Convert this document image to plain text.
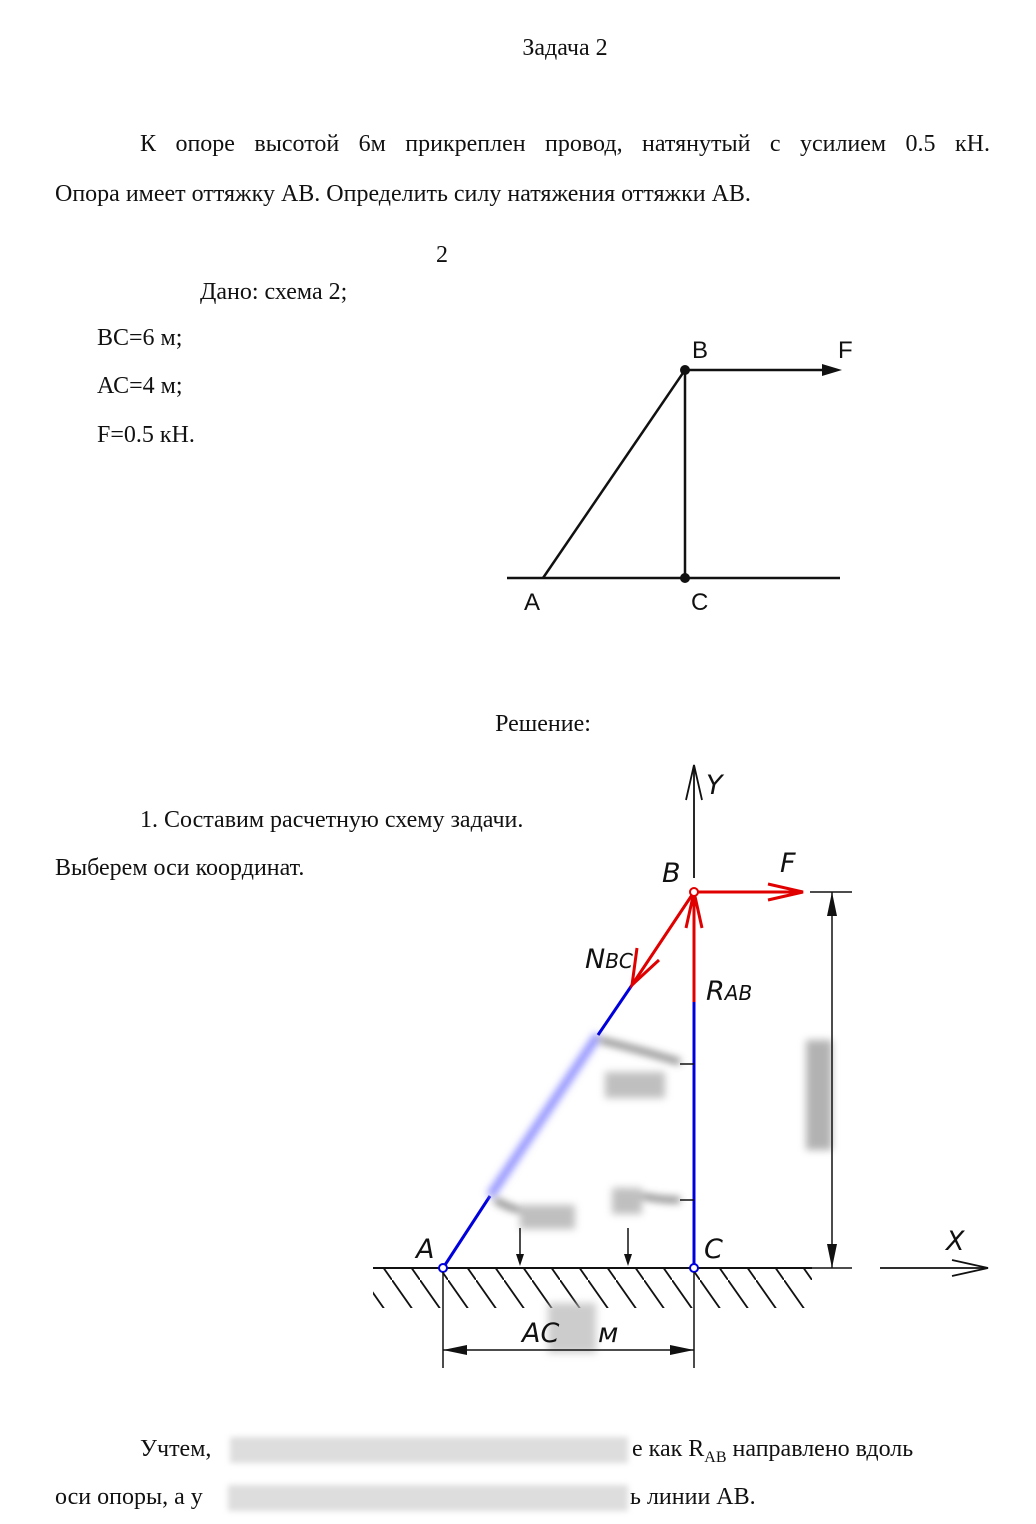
Задача 2
К опоре высотой 6м прикреплен провод, натянутый с усилием 0.5 кН.
Опора имеет оттяжку АВ. Определить силу натяжения оттяжки АВ.
Дано: схема 2;
ВС=6 м;
АС=4 м;
F=0.5 кН.
2
B	F
A	C
Решение:
1. Составим расчетную схему задачи.
Выберем оси координат.
Y
X
B	F
NBC
RAB
A	C
AC м
Учтем,	е как $R_{AB}$ направлено вдоль
оси опоры, а у	ь линии АВ.
